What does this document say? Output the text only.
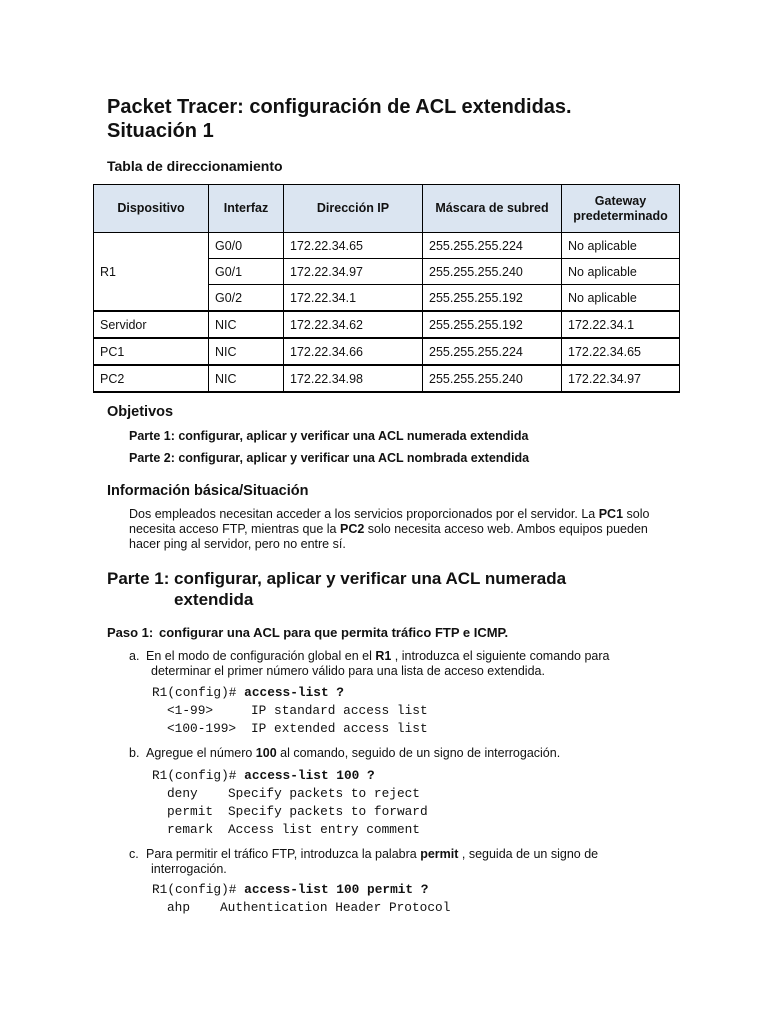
Packet Tracer: configuración de ACL extendidas.
Situación 1
Tabla de direccionamiento
Dispositivo	Interfaz	Dirección IP	Máscara de subred	Gateway
predeterminado
R1	G0/0	172.22.34.65	255.255.255.224	No aplicable
	G0/1	172.22.34.97	255.255.255.240	No aplicable
	G0/2	172.22.34.1	255.255.255.192	No aplicable
Servidor	NIC	172.22.34.62	255.255.255.192	172.22.34.1
PC1	NIC	172.22.34.66	255.255.255.224	172.22.34.65
PC2	NIC	172.22.34.98	255.255.255.240	172.22.34.97
Objetivos

Parte 1: configurar, aplicar y verificar una ACL numerada extendida

Parte 2: configurar, aplicar y verificar una ACL nombrada extendida

Información básica/Situación

Dos empleados necesitan acceder a los servicios proporcionados por el servidor. La PC1 solo necesita acceso FTP, mientras que la PC2 solo necesita acceso web. Ambos equipos pueden hacer ping al servidor, pero no entre sí.

Parte 1: configurar, aplicar y verificar una ACL numerada
extendida
Paso 1: configurar una ACL para que permita tráfico FTP e ICMP.

a. En el modo de configuración global en el R1 , introduzca el siguiente comando para
determinar el primer número válido para una lista de acceso extendida.

R1(config)# access-list ?
<1-99>	IP standard access list
<100-199> IP extended access list

b. Agregue el número 100 al comando, seguido de un signo de interrogación.

R1(config)# access-list 100 ?
deny Specify packets to reject
permit Specify packets to forward
remark Access list entry comment

c. Para permitir el tráfico FTP, introduzca la palabra permit , seguida de un signo de
interrogación.

R1(config)# access-list 100 permit ?
ahp Authentication Header Protocol
